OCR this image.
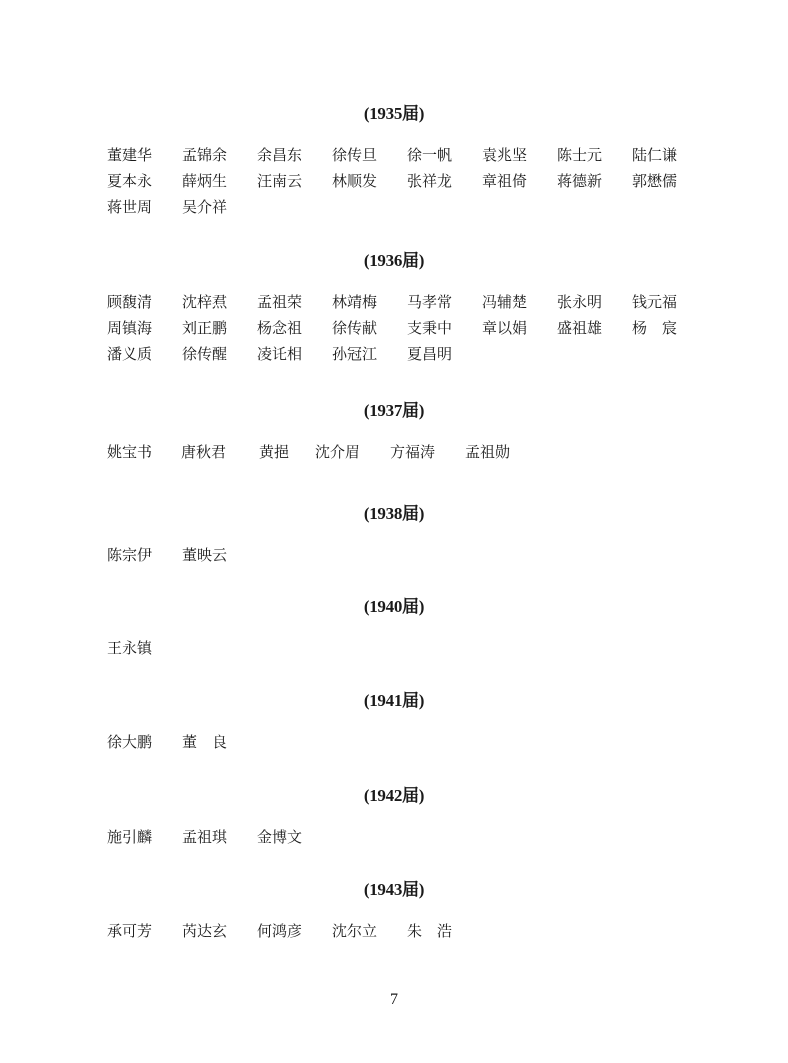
(1935届)
董建华 孟锦余 余昌东 徐传旦 徐一帆 袁兆坚 陈士元 陆仁谦
夏本永 薛炳生 汪南云 林顺发 张祥龙 章祖倚 蒋德新 郭懋儒
蒋世周 吴介祥
(1936届)
顾馥清 沈梓焄 孟祖荣 林靖梅 马孝常 冯辅楚 张永明 钱元福
周镇海 刘正鹏 杨念祖 徐传献 支秉中 章以娟 盛祖雄 杨　宸
潘义质 徐传醒 凌讬相 孙冠江 夏昌明
(1937届)
姚宝书 唐秋君 黄挹 沈介眉 方福涛 孟祖勋
(1938届)
陈宗伊 董映云
(1940届)
王永镇
(1941届)
徐大鹏 董　良
(1942届)
施引麟 孟祖琪 金博文
(1943届)
承可芳 芮达玄 何鸿彦 沈尔立 朱　浩
7
